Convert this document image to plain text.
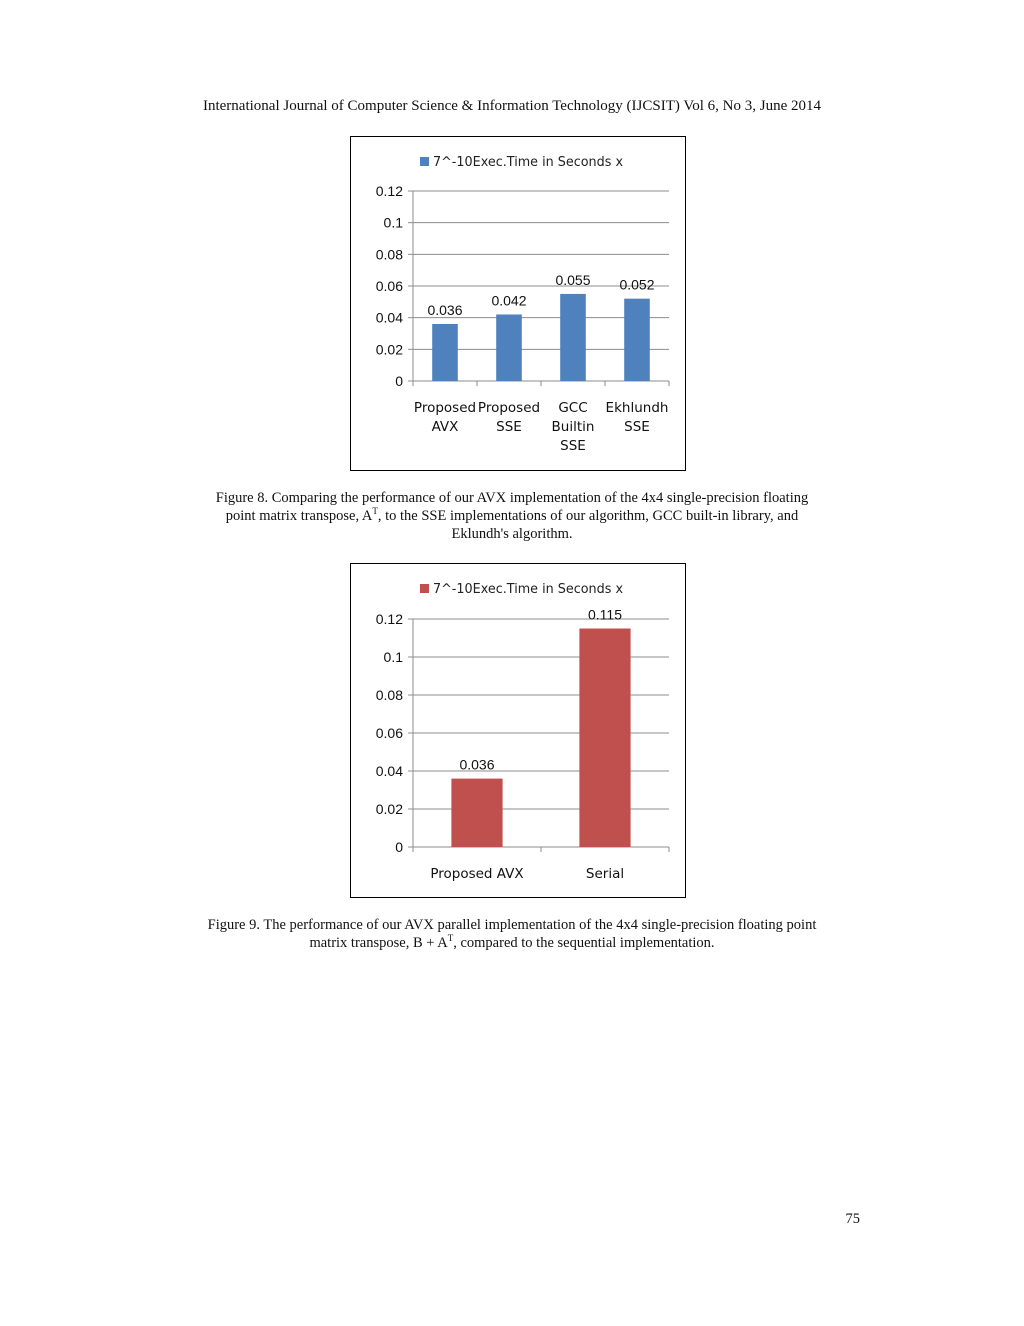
International Journal of Computer Science & Information Technology (IJCSIT) Vol 6, No 3, June 2014
7^-10Exec.Time in Seconds x
0
0.02
0.04
0.06
0.08
0.1
0.12
0.036
Proposed
AVX
0.042
Proposed
SSE
0.055
GCC
Builtin
SSE
0.052
Ekhlundh
SSE
Figure 8. Comparing the performance of our AVX implementation of the 4x4 single-precision floating
point matrix transpose, $A^T$, to the SSE implementations of our algorithm, GCC built-in library, and
Eklundh's algorithm.
7^-10Exec.Time in Seconds x
0
0.02
0.04
0.06
0.08
0.1
0.12
0.036
Proposed AVX
0.115
Serial
Figure 9. The performance of our AVX parallel implementation of the 4x4 single-precision floating point
matrix transpose, $B + A^T$, compared to the sequential implementation.
75
